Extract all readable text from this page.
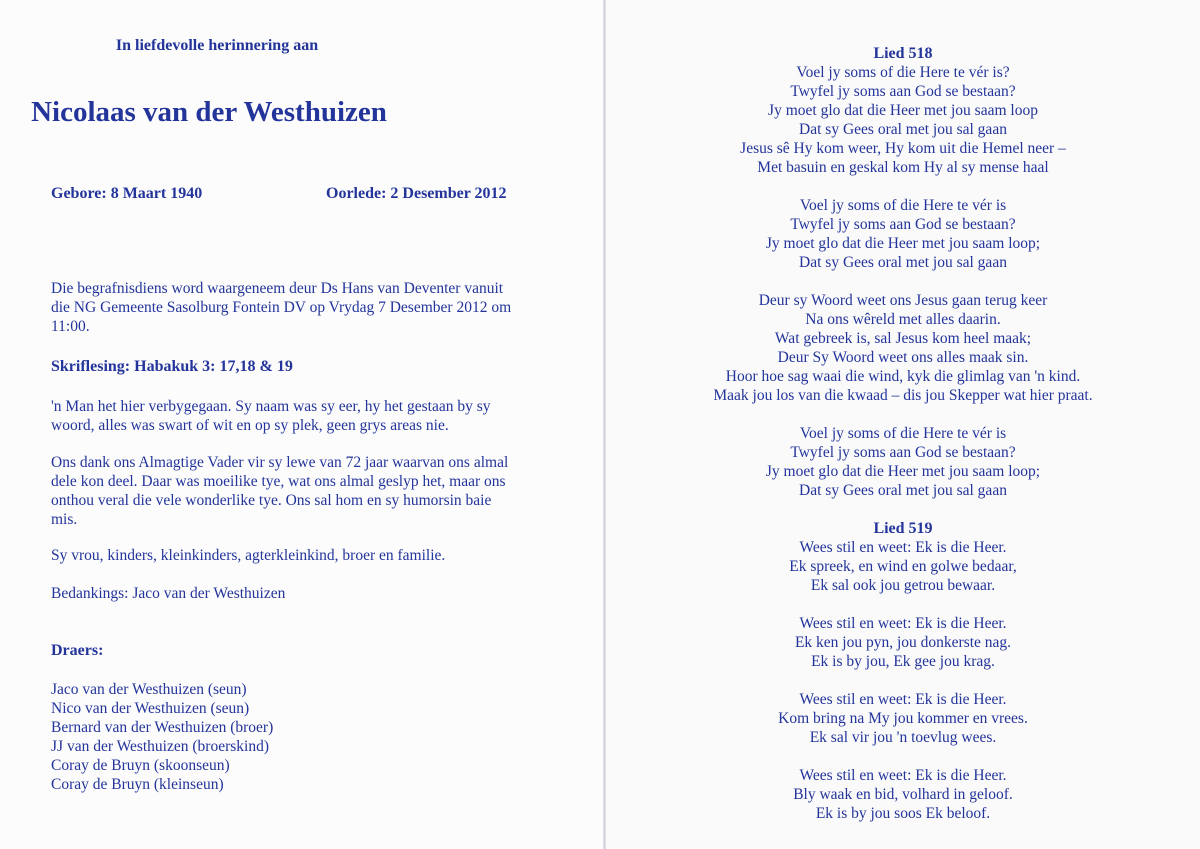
In liefdevolle herinnering aan
Nicolaas van der Westhuizen
Gebore: 8 Maart 1940	Oorlede: 2 Desember 2012
Die begrafnisdiens word waargeneem deur Ds Hans van Deventer vanuit
die NG Gemeente Sasolburg Fontein DV op Vrydag 7 Desember 2012 om
11:00.
Skriflesing: Habakuk 3: 17,18 & 19
'n Man het hier verbygegaan. Sy naam was sy eer, hy het gestaan by sy
woord, alles was swart of wit en op sy plek, geen grys areas nie.
Ons dank ons Almagtige Vader vir sy lewe van 72 jaar waarvan ons almal
dele kon deel. Daar was moeilike tye, wat ons almal geslyp het, maar ons
onthou veral die vele wonderlike tye. Ons sal hom en sy humorsin baie
mis.
Sy vrou, kinders, kleinkinders, agterkleinkind, broer en familie.
Bedankings: Jaco van der Westhuizen
Draers:
Jaco van der Westhuizen (seun)
Nico van der Westhuizen (seun)
Bernard van der Westhuizen (broer)
JJ van der Westhuizen (broerskind)
Coray de Bruyn (skoonseun)
Coray de Bruyn (kleinseun)
Lied 518
Voel jy soms of die Here te vér is?
Twyfel jy soms aan God se bestaan?
Jy moet glo dat die Heer met jou saam loop
Dat sy Gees oral met jou sal gaan
Jesus sê Hy kom weer, Hy kom uit die Hemel neer –
Met basuin en geskal kom Hy al sy mense haal
Voel jy soms of die Here te vér is
Twyfel jy soms aan God se bestaan?
Jy moet glo dat die Heer met jou saam loop;
Dat sy Gees oral met jou sal gaan
Deur sy Woord weet ons Jesus gaan terug keer
Na ons wêreld met alles daarin.
Wat gebreek is, sal Jesus kom heel maak;
Deur Sy Woord weet ons alles maak sin.
Hoor hoe sag waai die wind, kyk die glimlag van 'n kind.
Maak jou los van die kwaad – dis jou Skepper wat hier praat.
Voel jy soms of die Here te vér is
Twyfel jy soms aan God se bestaan?
Jy moet glo dat die Heer met jou saam loop;
Dat sy Gees oral met jou sal gaan
Lied 519
Wees stil en weet: Ek is die Heer.
Ek spreek, en wind en golwe bedaar,
Ek sal ook jou getrou bewaar.
Wees stil en weet: Ek is die Heer.
Ek ken jou pyn, jou donkerste nag.
Ek is by jou, Ek gee jou krag.
Wees stil en weet: Ek is die Heer.
Kom bring na My jou kommer en vrees.
Ek sal vir jou 'n toevlug wees.
Wees stil en weet: Ek is die Heer.
Bly waak en bid, volhard in geloof.
Ek is by jou soos Ek beloof.
